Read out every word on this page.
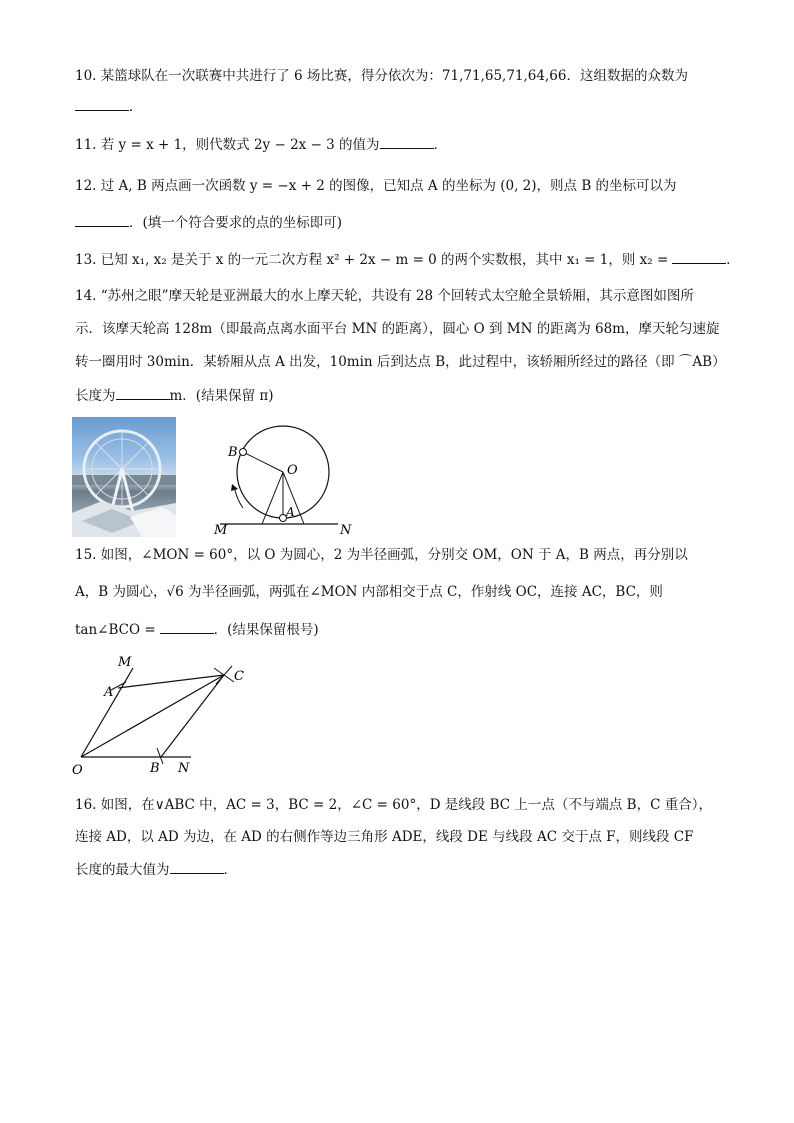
10. 某篮球队在一次联赛中共进行了 6 场比赛，得分依次为：71,71,65,71,64,66．这组数据的众数为
．
11. 若 y = x + 1，则代数式 2y − 2x − 3 的值为	．
12. 过 A, B 两点画一次函数 y = −x + 2 的图像，已知点 A 的坐标为 (0, 2)，则点 B 的坐标可以为
．(填一个符合要求的点的坐标即可)
13. 已知 x₁, x₂ 是关于 x 的一元二次方程 x² + 2x − m = 0 的两个实数根，其中 x₁ = 1，则 x₂ =	．
14. “苏州之眼”摩天轮是亚洲最大的水上摩天轮，共设有 28 个回转式太空舱全景轿厢，其示意图如图所
示．该摩天轮高 128m（即最高点离水面平台 MN 的距离），圆心 O 到 MN 的距离为 68m，摩天轮匀速旋
转一圈用时 30min．某轿厢从点 A 出发，10min 后到达点 B，此过程中，该轿厢所经过的路径（即 ⌒AB）
长度为	m．(结果保留 π)
B
O
A
M	N
15. 如图，∠MON = 60°，以 O 为圆心，2 为半径画弧，分别交 OM，ON 于 A，B 两点，再分别以
A，B 为圆心，√6 为半径画弧，两弧在∠MON 内部相交于点 C，作射线 OC，连接 AC，BC，则
tan∠BCO =	．(结果保留根号)
M
A
C
O	B N
16. 如图，在∨ABC 中，AC = 3，BC = 2，∠C = 60°，D 是线段 BC 上一点（不与端点 B，C 重合），
连接 AD，以 AD 为边，在 AD 的右侧作等边三角形 ADE，线段 DE 与线段 AC 交于点 F，则线段 CF
长度的最大值为	．
